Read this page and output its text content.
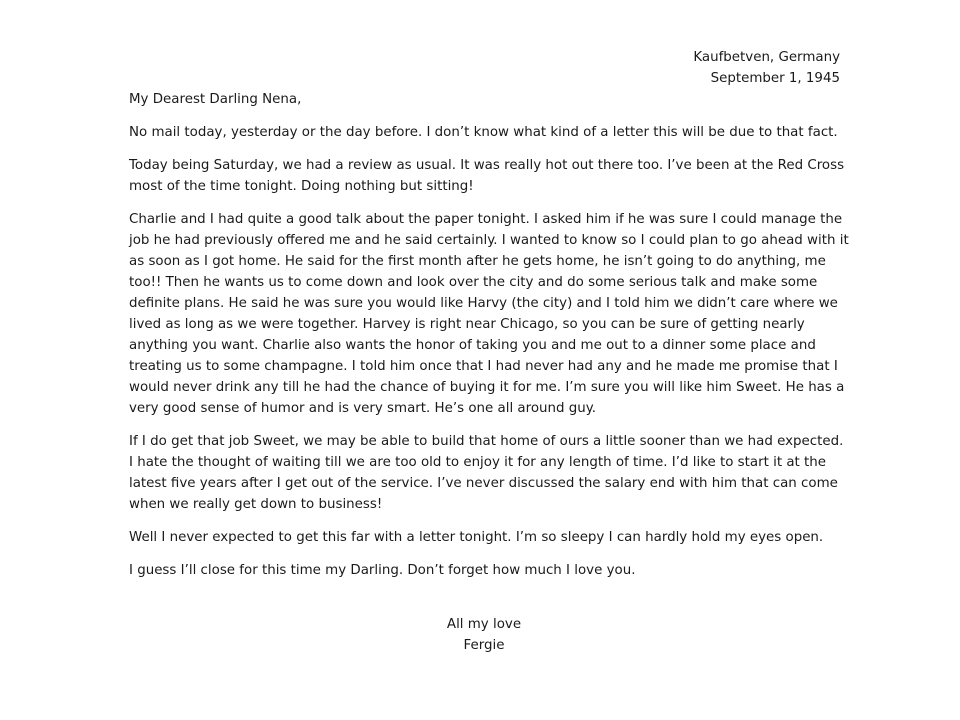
Kaufbetven, Germany
September 1, 1945
My Dearest Darling Nena,

No mail today, yesterday or the day before. I don’t know what kind of a letter this will be due to that fact.

Today being Saturday, we had a review as usual. It was really hot out there too. I’ve been at the Red Cross most of the time tonight. Doing nothing but sitting!

Charlie and I had quite a good talk about the paper tonight. I asked him if he was sure I could manage the job he had previously offered me and he said certainly. I wanted to know so I could plan to go ahead with it as soon as I got home. He said for the first month after he gets home, he isn’t going to do anything, me too!! Then he wants us to come down and look over the city and do some serious talk and make some definite plans. He said he was sure you would like Harvy (the city) and I told him we didn’t care where we lived as long as we were together. Harvey is right near Chicago, so you can be sure of getting nearly anything you want. Charlie also wants the honor of taking you and me out to a dinner some place and treating us to some champagne. I told him once that I had never had any and he made me promise that I would never drink any till he had the chance of buying it for me. I’m sure you will like him Sweet. He has a very good sense of humor and is very smart. He’s one all around guy.

If I do get that job Sweet, we may be able to build that home of ours a little sooner than we had expected. I hate the thought of waiting till we are too old to enjoy it for any length of time. I’d like to start it at the latest five years after I get out of the service. I’ve never discussed the salary end with him that can come when we really get down to business!

Well I never expected to get this far with a letter tonight. I’m so sleepy I can hardly hold my eyes open.

I guess I’ll close for this time my Darling. Don’t forget how much I love you.

All my love
Fergie
